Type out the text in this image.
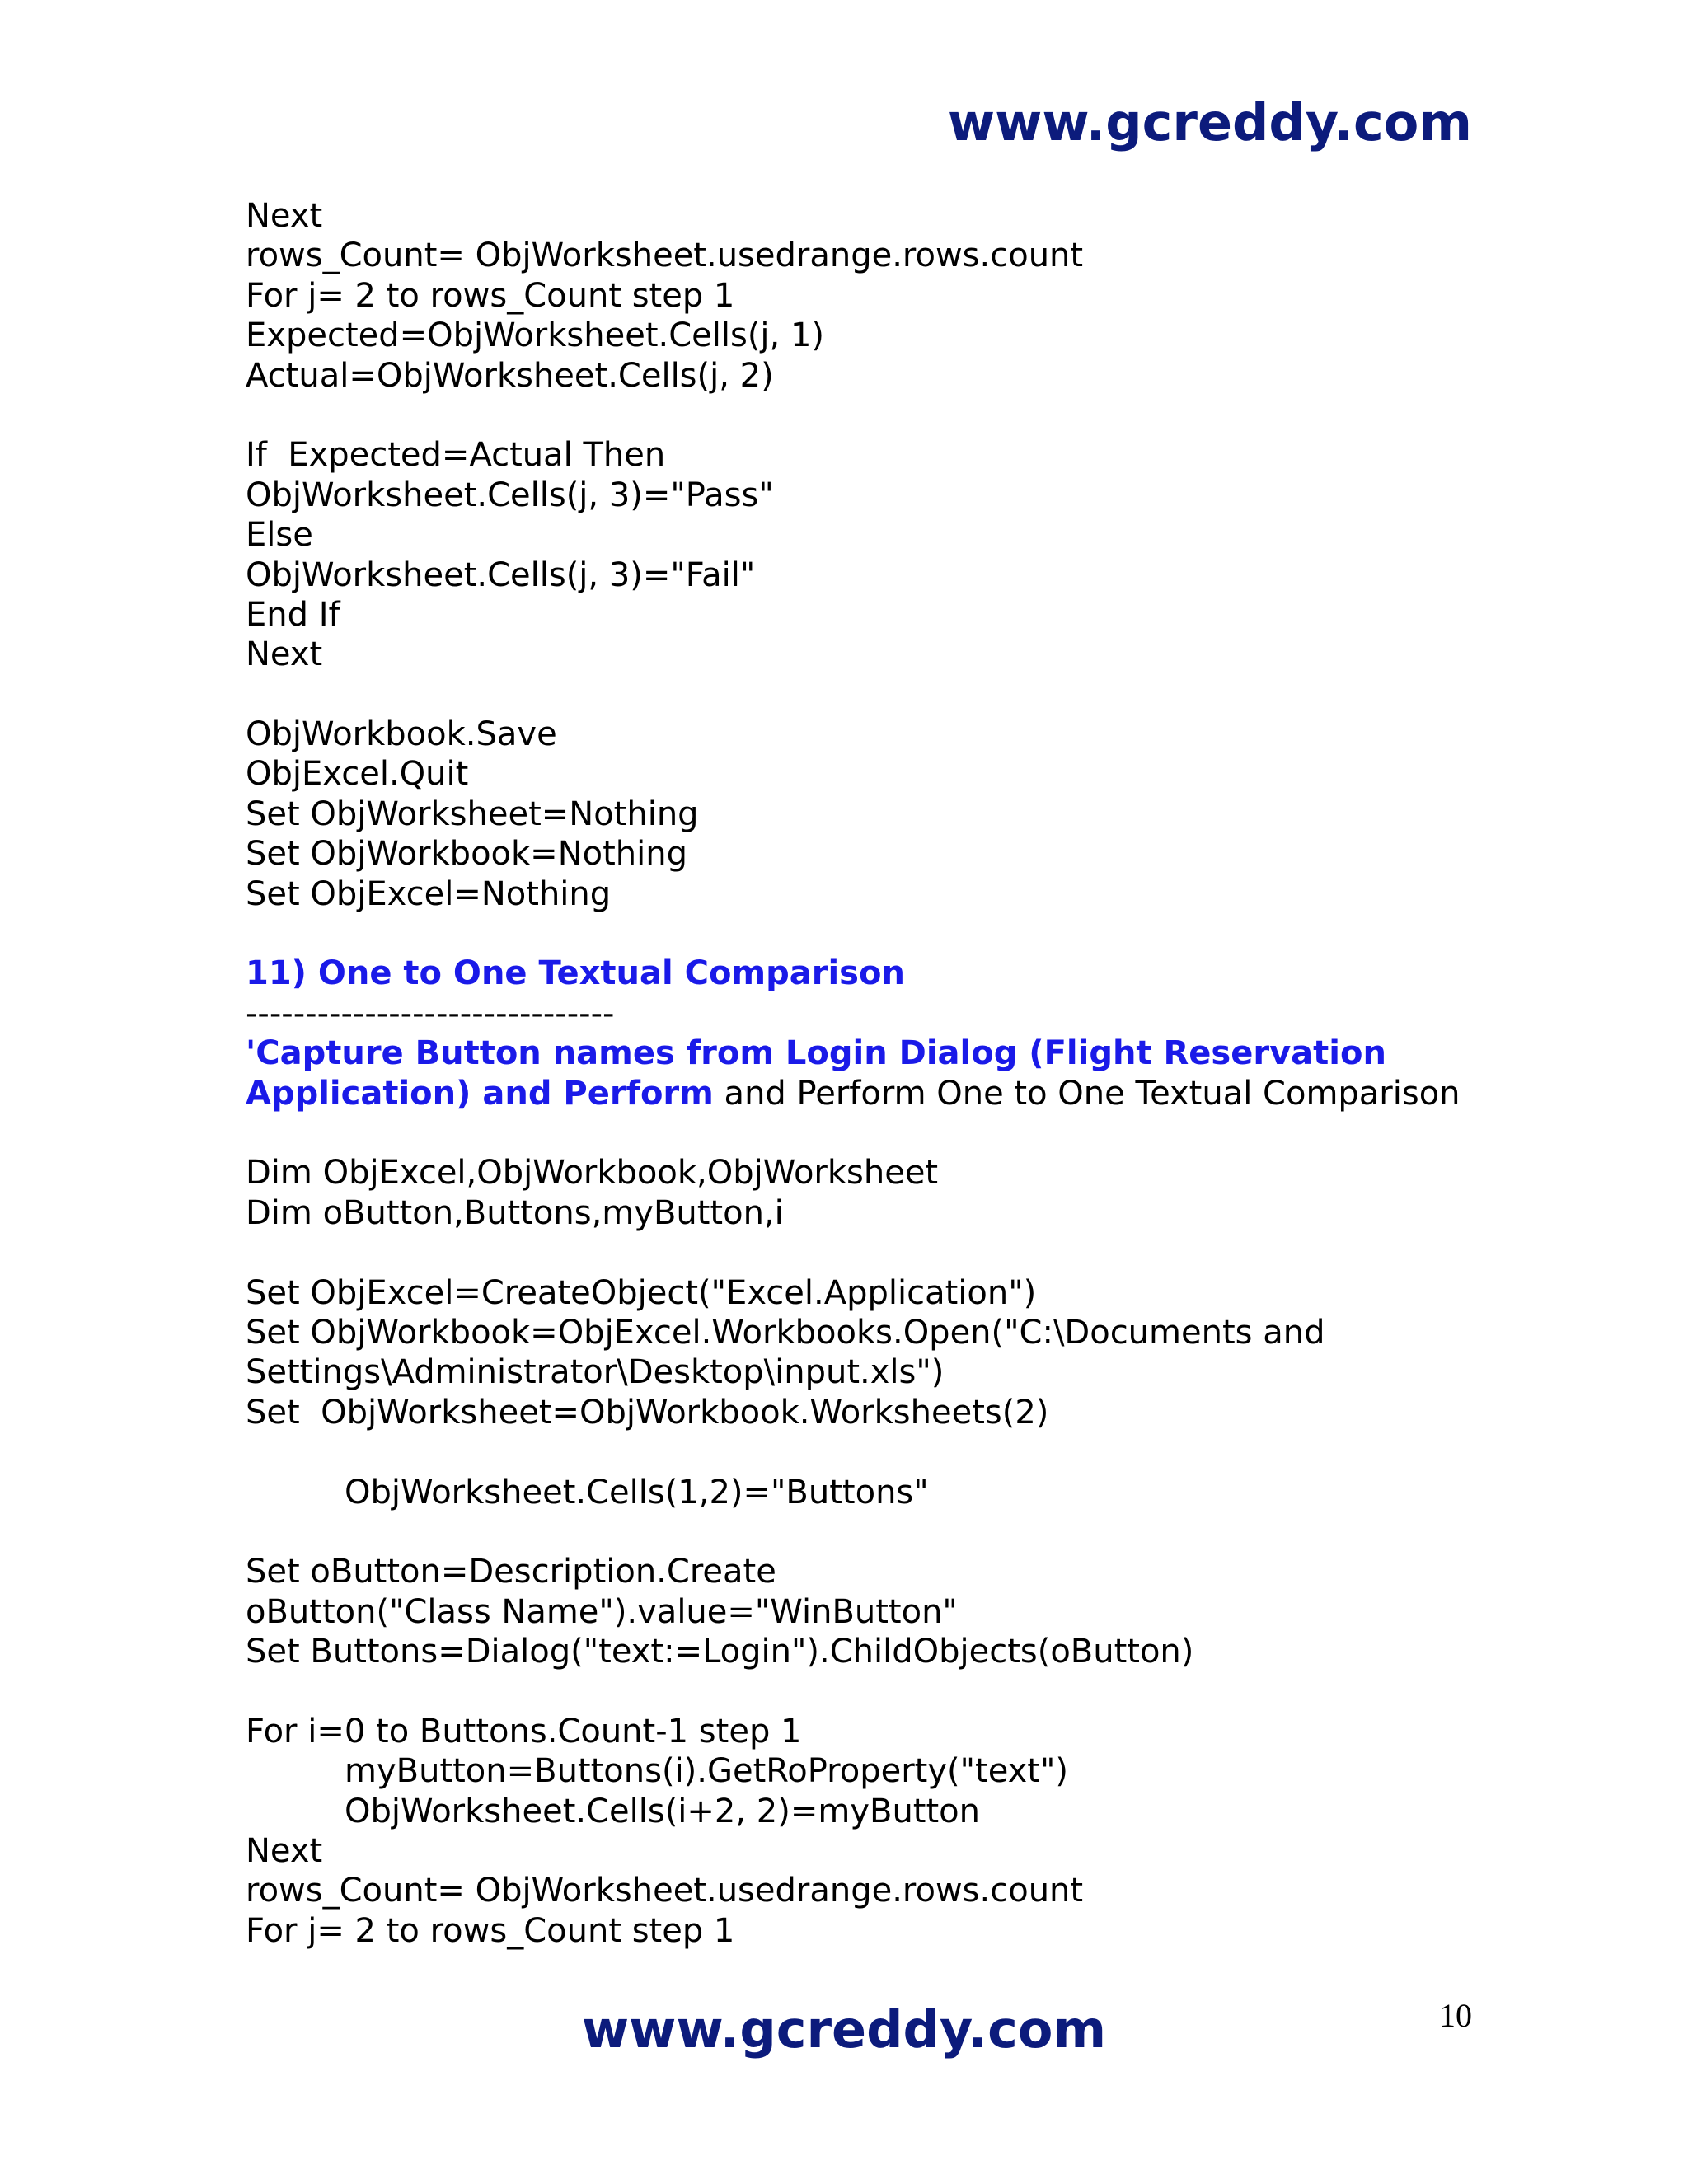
www.gcreddy.com
Next
rows_Count= ObjWorksheet.usedrange.rows.count
For j= 2 to rows_Count step 1
Expected=ObjWorksheet.Cells(j, 1)
Actual=ObjWorksheet.Cells(j, 2)
If  Expected=Actual Then
ObjWorksheet.Cells(j, 3)="Pass"
Else
ObjWorksheet.Cells(j, 3)="Fail"
End If
Next
ObjWorkbook.Save
ObjExcel.Quit
Set ObjWorksheet=Nothing
Set ObjWorkbook=Nothing
Set ObjExcel=Nothing
11) One to One Textual Comparison
-------------------------------
'Capture Button names from Login Dialog (Flight Reservation
Application) and Perform and Perform One to One Textual Comparison
Dim ObjExcel,ObjWorkbook,ObjWorksheet
Dim oButton,Buttons,myButton,i
Set ObjExcel=CreateObject("Excel.Application")
Set ObjWorkbook=ObjExcel.Workbooks.Open("C:\Documents and
Settings\Administrator\Desktop\input.xls")
Set  ObjWorksheet=ObjWorkbook.Worksheets(2)
ObjWorksheet.Cells(1,2)="Buttons"
Set oButton=Description.Create
oButton("Class Name").value="WinButton"
Set Buttons=Dialog("text:=Login").ChildObjects(oButton)
For i=0 to Buttons.Count-1 step 1
myButton=Buttons(i).GetRoProperty("text")
ObjWorksheet.Cells(i+2, 2)=myButton
Next
rows_Count= ObjWorksheet.usedrange.rows.count
For j= 2 to rows_Count step 1
www.gcreddy.com	10
